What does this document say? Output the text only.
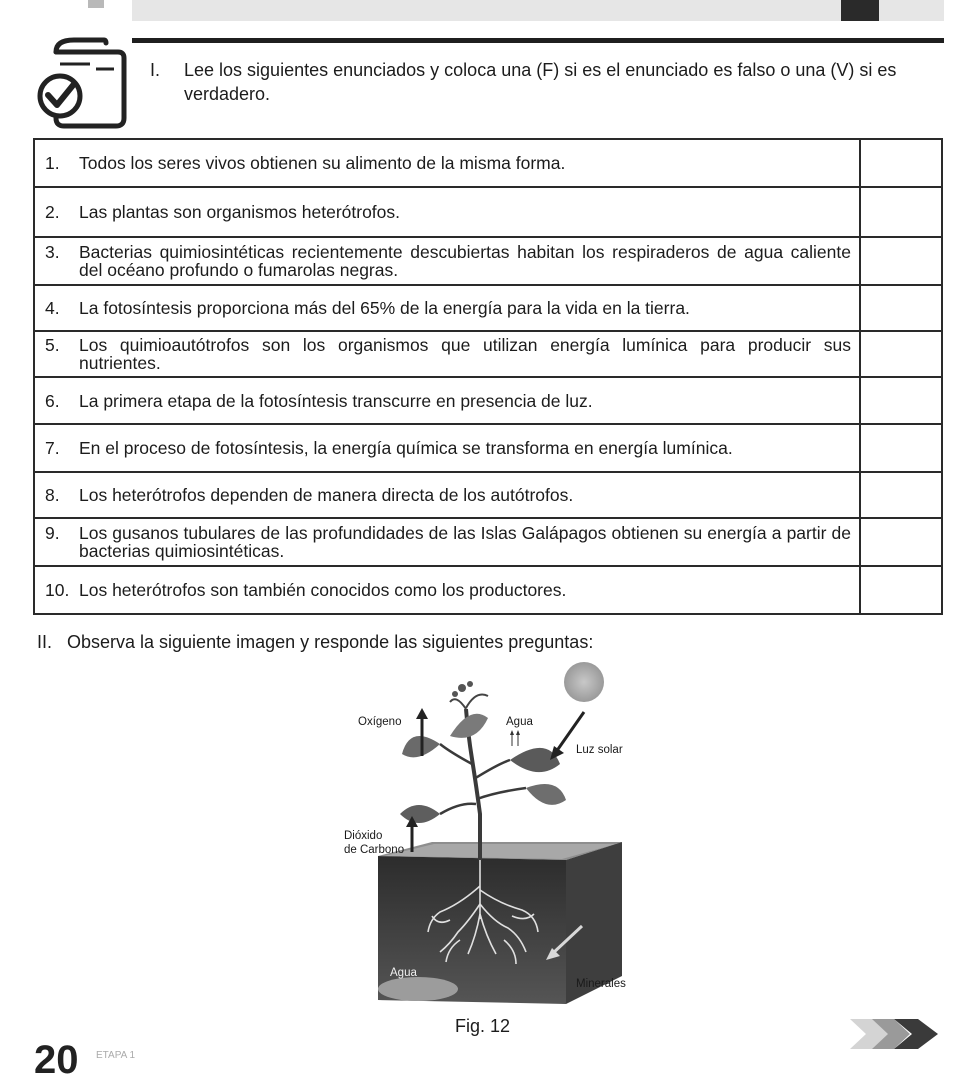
I. Lee los siguientes enunciados y coloca una (F) si es el enunciado es falso o una (V) si es verdadero.
1. Todos los seres vivos obtienen su alimento de la misma forma.	

2. Las plantas son organismos heterótrofos.	

3. Bacterias quimiosintéticas recientemente descubiertas habitan los respiraderos de agua caliente del océano profundo o fumarolas negras.	

4. La fotosíntesis proporciona más del 65% de la energía para la vida en la tierra.	

5. Los quimioautótrofos son los organismos que utilizan energía lumínica para producir sus nutrientes.	

6. La primera etapa de la fotosíntesis transcurre en presencia de luz.	

7. En el proceso de fotosíntesis, la energía química se transforma en energía lumínica.	

8. Los heterótrofos dependen de manera directa de los autótrofos.	

9. Los gusanos tubulares de las profundidades de las Islas Galápagos obtienen su energía a partir de bacterias quimiosintéticas.	

10. Los heterótrofos son también conocidos como los productores.	

II. Observa la siguiente imagen y responde las siguientes preguntas:
Oxígeno	Agua
Luz solar
Dióxido
de Carbono
Agua
Minerales
Fig. 12
20 ETAPA 1
